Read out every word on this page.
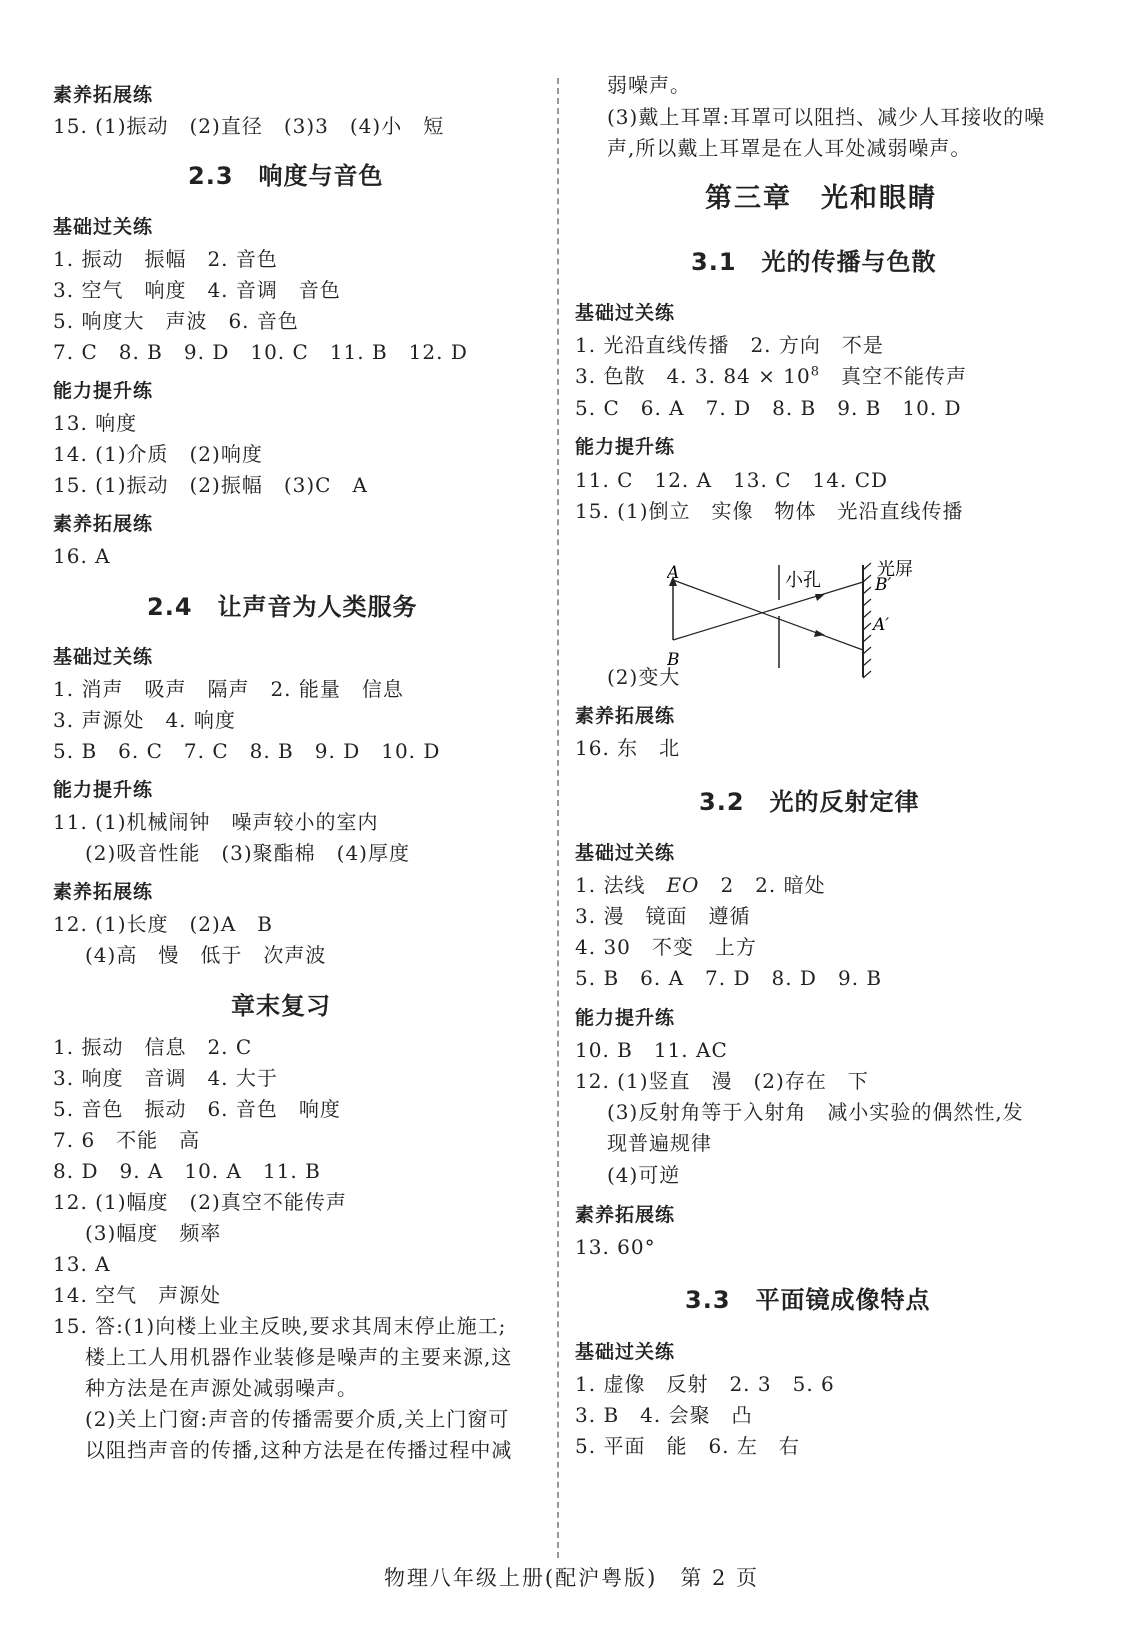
素养拓展练
15. (1)振动　(2)直径　(3)3　(4)小　短
2.3　响度与音色
基础过关练
1. 振动　振幅　2. 音色
3. 空气　响度　4. 音调　音色
5. 响度大　声波　6. 音色
7. C　8. B　9. D　10. C　11. B　12. D
能力提升练
13. 响度
14. (1)介质　(2)响度
15. (1)振动　(2)振幅　(3)C　A
素养拓展练
16. A
2.4　让声音为人类服务
基础过关练
1. 消声　吸声　隔声　2. 能量　信息
3. 声源处　4. 响度
5. B　6. C　7. C　8. B　9. D　10. D
能力提升练
11. (1)机械闹钟　噪声较小的室内
(2)吸音性能　(3)聚酯棉　(4)厚度
素养拓展练
12. (1)长度　(2)A　B
(4)高　慢　低于　次声波
章末复习
1. 振动　信息　2. C
3. 响度　音调　4. 大于
5. 音色　振动　6. 音色　响度
7. 6　不能　高
8. D　9. A　10. A　11. B
12. (1)幅度　(2)真空不能传声
(3)幅度　频率
13. A
14. 空气　声源处
15. 答:(1)向楼上业主反映,要求其周末停止施工;
楼上工人用机器作业装修是噪声的主要来源,这
种方法是在声源处减弱噪声。
(2)关上门窗:声音的传播需要介质,关上门窗可
以阻挡声音的传播,这种方法是在传播过程中减
弱噪声。
(3)戴上耳罩:耳罩可以阻挡、减少人耳接收的噪
声,所以戴上耳罩是在人耳处减弱噪声。
第三章　光和眼睛
3.1　光的传播与色散
基础过关练
1. 光沿直线传播　2. 方向　不是
3. 色散　4. 3. $84 \times 10^8$　真空不能传声
5. C　6. A　7. D　8. B　9. B　10. D
能力提升练
11. C　12. A　13. C　14. CD
15. (1)倒立　实像　物体　光沿直线传播
A
B
小孔
光屏
B′
A′
(2)变大
素养拓展练
16. 东　北
3.2　光的反射定律
基础过关练
1. 法线　EO　2　2. 暗处
3. 漫　镜面　遵循
4. 30　不变　上方
5. B　6. A　7. D　8. D　9. B
能力提升练
10. B　11. AC
12. (1)竖直　漫　(2)存在　下
(3)反射角等于入射角　减小实验的偶然性,发
现普遍规律
(4)可逆
素养拓展练
13. 60°
3.3　平面镜成像特点
基础过关练
1. 虚像　反射　2. 3　5. 6
3. B　4. 会聚　凸
5. 平面　能　6. 左　右
物理八年级上册(配沪粤版)　第 2 页
